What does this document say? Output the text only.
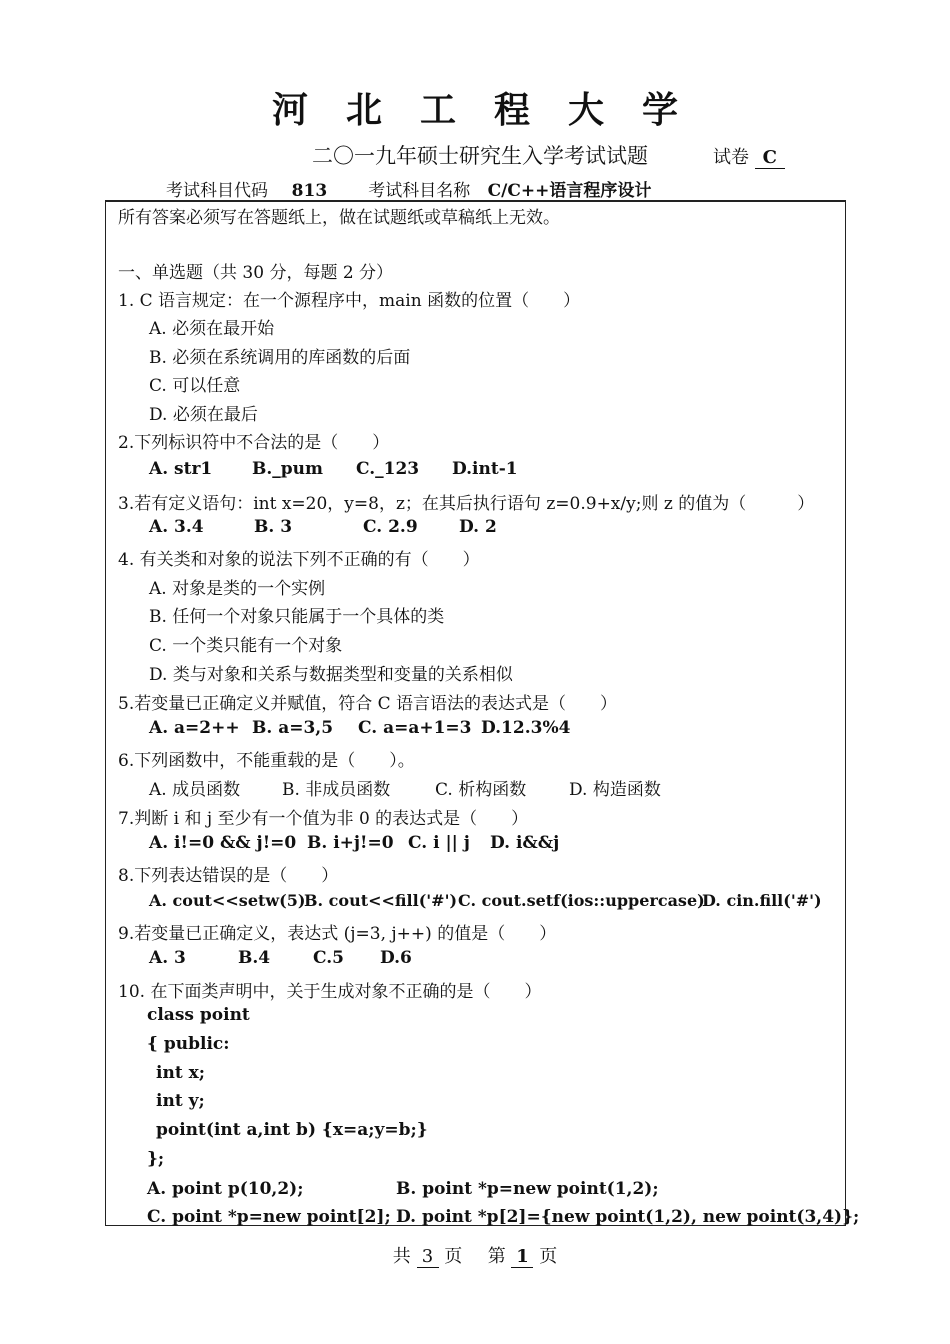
河北工程大学
二〇一九年硕士研究生入学考试试题	试卷 C
考试科目代码 813 考试科目名称 C/C++语言程序设计
所有答案必须写在答题纸上，做在试题纸或草稿纸上无效。
一、单选题（共 30 分，每题 2 分）
1. C 语言规定：在一个源程序中，main 函数的位置（　　）
A. 必须在最开始
B. 必须在系统调用的库函数的后面
C. 可以任意
D. 必须在最后
2.下列标识符中不合法的是（　　）
A. str1 B._pum C._123 D.int-1
3.若有定义语句：int x=20，y=8，z；在其后执行语句 z=0.9+x/y;则 z 的值为（　　　）
A. 3.4	B. 3	C. 2.9 D. 2
4. 有关类和对象的说法下列不正确的有（　　）
A. 对象是类的一个实例
B. 任何一个对象只能属于一个具体的类
C. 一个类只能有一个对象
D. 类与对象和关系与数据类型和变量的关系相似
5.若变量已正确定义并赋值，符合 C 语言语法的表达式是（　　）
A. a=2++ B. a=3,5 C. a=a+1=3 D.12.3%4
6.下列函数中，不能重载的是（　　）。
A. 成员函数 B. 非成员函数	C. 析构函数	D. 构造函数
7.判断 i 和 j 至少有一个值为非 0 的表达式是（　　）
A. i!=0 && j!=0 B. i+j!=0 C. i || j D. i&&j
8.下列表达错误的是（　　）
A. cout<<setw(5)
B. cout<<fill('#') C. cout.setf(ios::uppercase)
D. cin.fill('#')
9.若变量已正确定义，表达式 (j=3, j++) 的值是（　　）
A. 3	B.4	C.5 D.6
10. 在下面类声明中，关于生成对象不正确的是（　　）
class point
{ public:
int x;
int y;
point(int a,int b) {x=a;y=b;}
};
A. point p(10,2);	B. point *p=new point(1,2);
C. point *p=new point[2]; D. point *p[2]={new point(1,2), new point(3,4)};
共 3 页 第 1 页
